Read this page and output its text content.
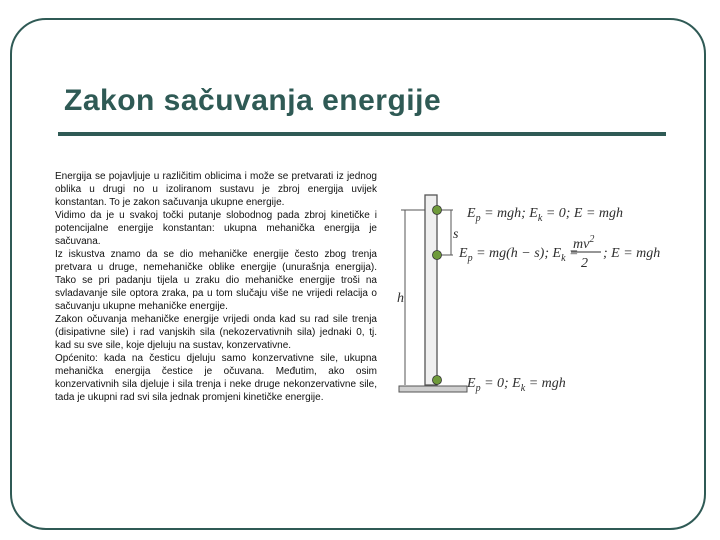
Zakon sačuvanja energije

Energija se pojavljuje u različitim oblicima i može se pretvarati iz jednog oblika u drugi no u izoliranom sustavu je zbroj energija uvijek konstantan. To je zakon sačuvanja ukupne energije.

Vidimo da je u svakoj točki putanje slobodnog pada zbroj kinetičke i potencijalne energije konstantan: ukupna mehanička energija je sačuvana.

Iz iskustva znamo da se dio mehaničke energije često zbog trenja pretvara u druge, nemehaničke oblike energije (unurašnja energija). Tako se pri padanju tijela u zraku dio mehaničke energije troši na svladavanje sile optora zraka, pa u tom slučaju više ne vrijedi relacija o sačuvanju ukupne mehaničke energije.

Zakon očuvanja mehaničke energije vrijedi onda kad su rad sile trenja (disipativne sile) i rad vanjskih sila (nekozervativnih sila) jednaki 0, tj. kad su sve sile, koje djeluju na sustav, konzervativne.

Općenito: kada na česticu djeluju samo konzervativne sile, ukupna mehanička energija čestice je očuvana. Međutim, ako osim konzervativnih sila djeluje i sila trenja i neke druge nekonzervativne sile, tada je ukupni rad svi sila jednak promjeni kinetičke energije.

h
s
$E_p$ = mgh; $E_k = 0$; E = mgh
$E_p = mg(h - s)$; $E_k$ =
$mv^2$
2
; E = mgh
$E_p = 0$; $E_k$ = mgh
